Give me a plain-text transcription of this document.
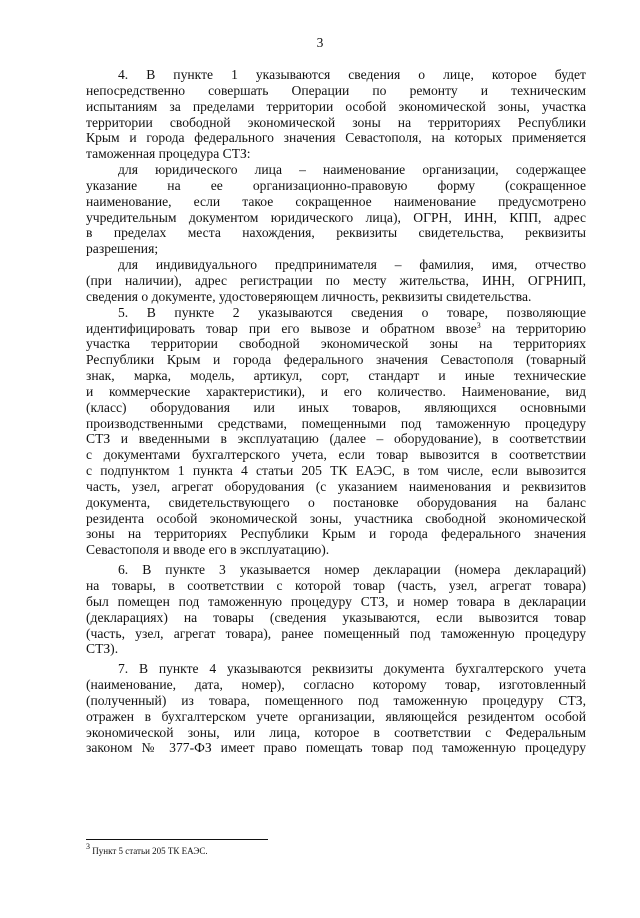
3

4. В пункте 1 указываются сведения о лице, которое будет

непосредственно совершать Операции по ремонту и техническим

испытаниям за пределами территории особой экономической зоны, участка

территории свободной экономической зоны на территориях Республики

Крым и города федерального значения Севастополя, на которых применяется

таможенная процедура СТЗ:

для юридического лица – наименование организации, содержащее

указание на ее организационно-правовую форму (сокращенное

наименование, если такое сокращенное наименование предусмотрено

учредительным документом юридического лица), ОГРН, ИНН, КПП, адрес

в пределах места нахождения, реквизиты свидетельства, реквизиты

разрешения;

для индивидуального предпринимателя – фамилия, имя, отчество

(при наличии), адрес регистрации по месту жительства, ИНН, ОГРНИП,

сведения о документе, удостоверяющем личность, реквизиты свидетельства.

5. В пункте 2 указываются сведения о товаре, позволяющие

идентифицировать товар при его вывозе и обратном ввозе$^3$ на территорию

участка территории свободной экономической зоны на территориях

Республики Крым и города федерального значения Севастополя (товарный

знак, марка, модель, артикул, сорт, стандарт и иные технические

и коммерческие характеристики), и его количество. Наименование, вид

(класс) оборудования или иных товаров, являющихся основными

производственными средствами, помещенными под таможенную процедуру

СТЗ и введенными в эксплуатацию (далее – оборудование), в соответствии

с документами бухгалтерского учета, если товар вывозится в соответствии

с подпунктом 1 пункта 4 статьи 205 ТК ЕАЭС, в том числе, если вывозится

часть, узел, агрегат оборудования (с указанием наименования и реквизитов

документа, свидетельствующего о постановке оборудования на баланс

резидента особой экономической зоны, участника свободной экономической

зоны на территориях Республики Крым и города федерального значения

Севастополя и вводе его в эксплуатацию).

6. В пункте 3 указывается номер декларации (номера деклараций)

на товары, в соответствии с которой товар (часть, узел, агрегат товара)

был помещен под таможенную процедуру СТЗ, и номер товара в декларации

(декларациях) на товары (сведения указываются, если вывозится товар

(часть, узел, агрегат товара), ранее помещенный под таможенную процедуру

СТЗ).

7. В пункте 4 указываются реквизиты документа бухгалтерского учета

(наименование, дата, номер), согласно которому товар, изготовленный

(полученный) из товара, помещенного под таможенную процедуру СТЗ,

отражен в бухгалтерском учете организации, являющейся резидентом особой

экономической зоны, или лица, которое в соответствии с Федеральным

законом № 377-ФЗ имеет право помещать товар под таможенную процедуру

$^3$ Пункт 5 статьи 205 ТК ЕАЭС.
